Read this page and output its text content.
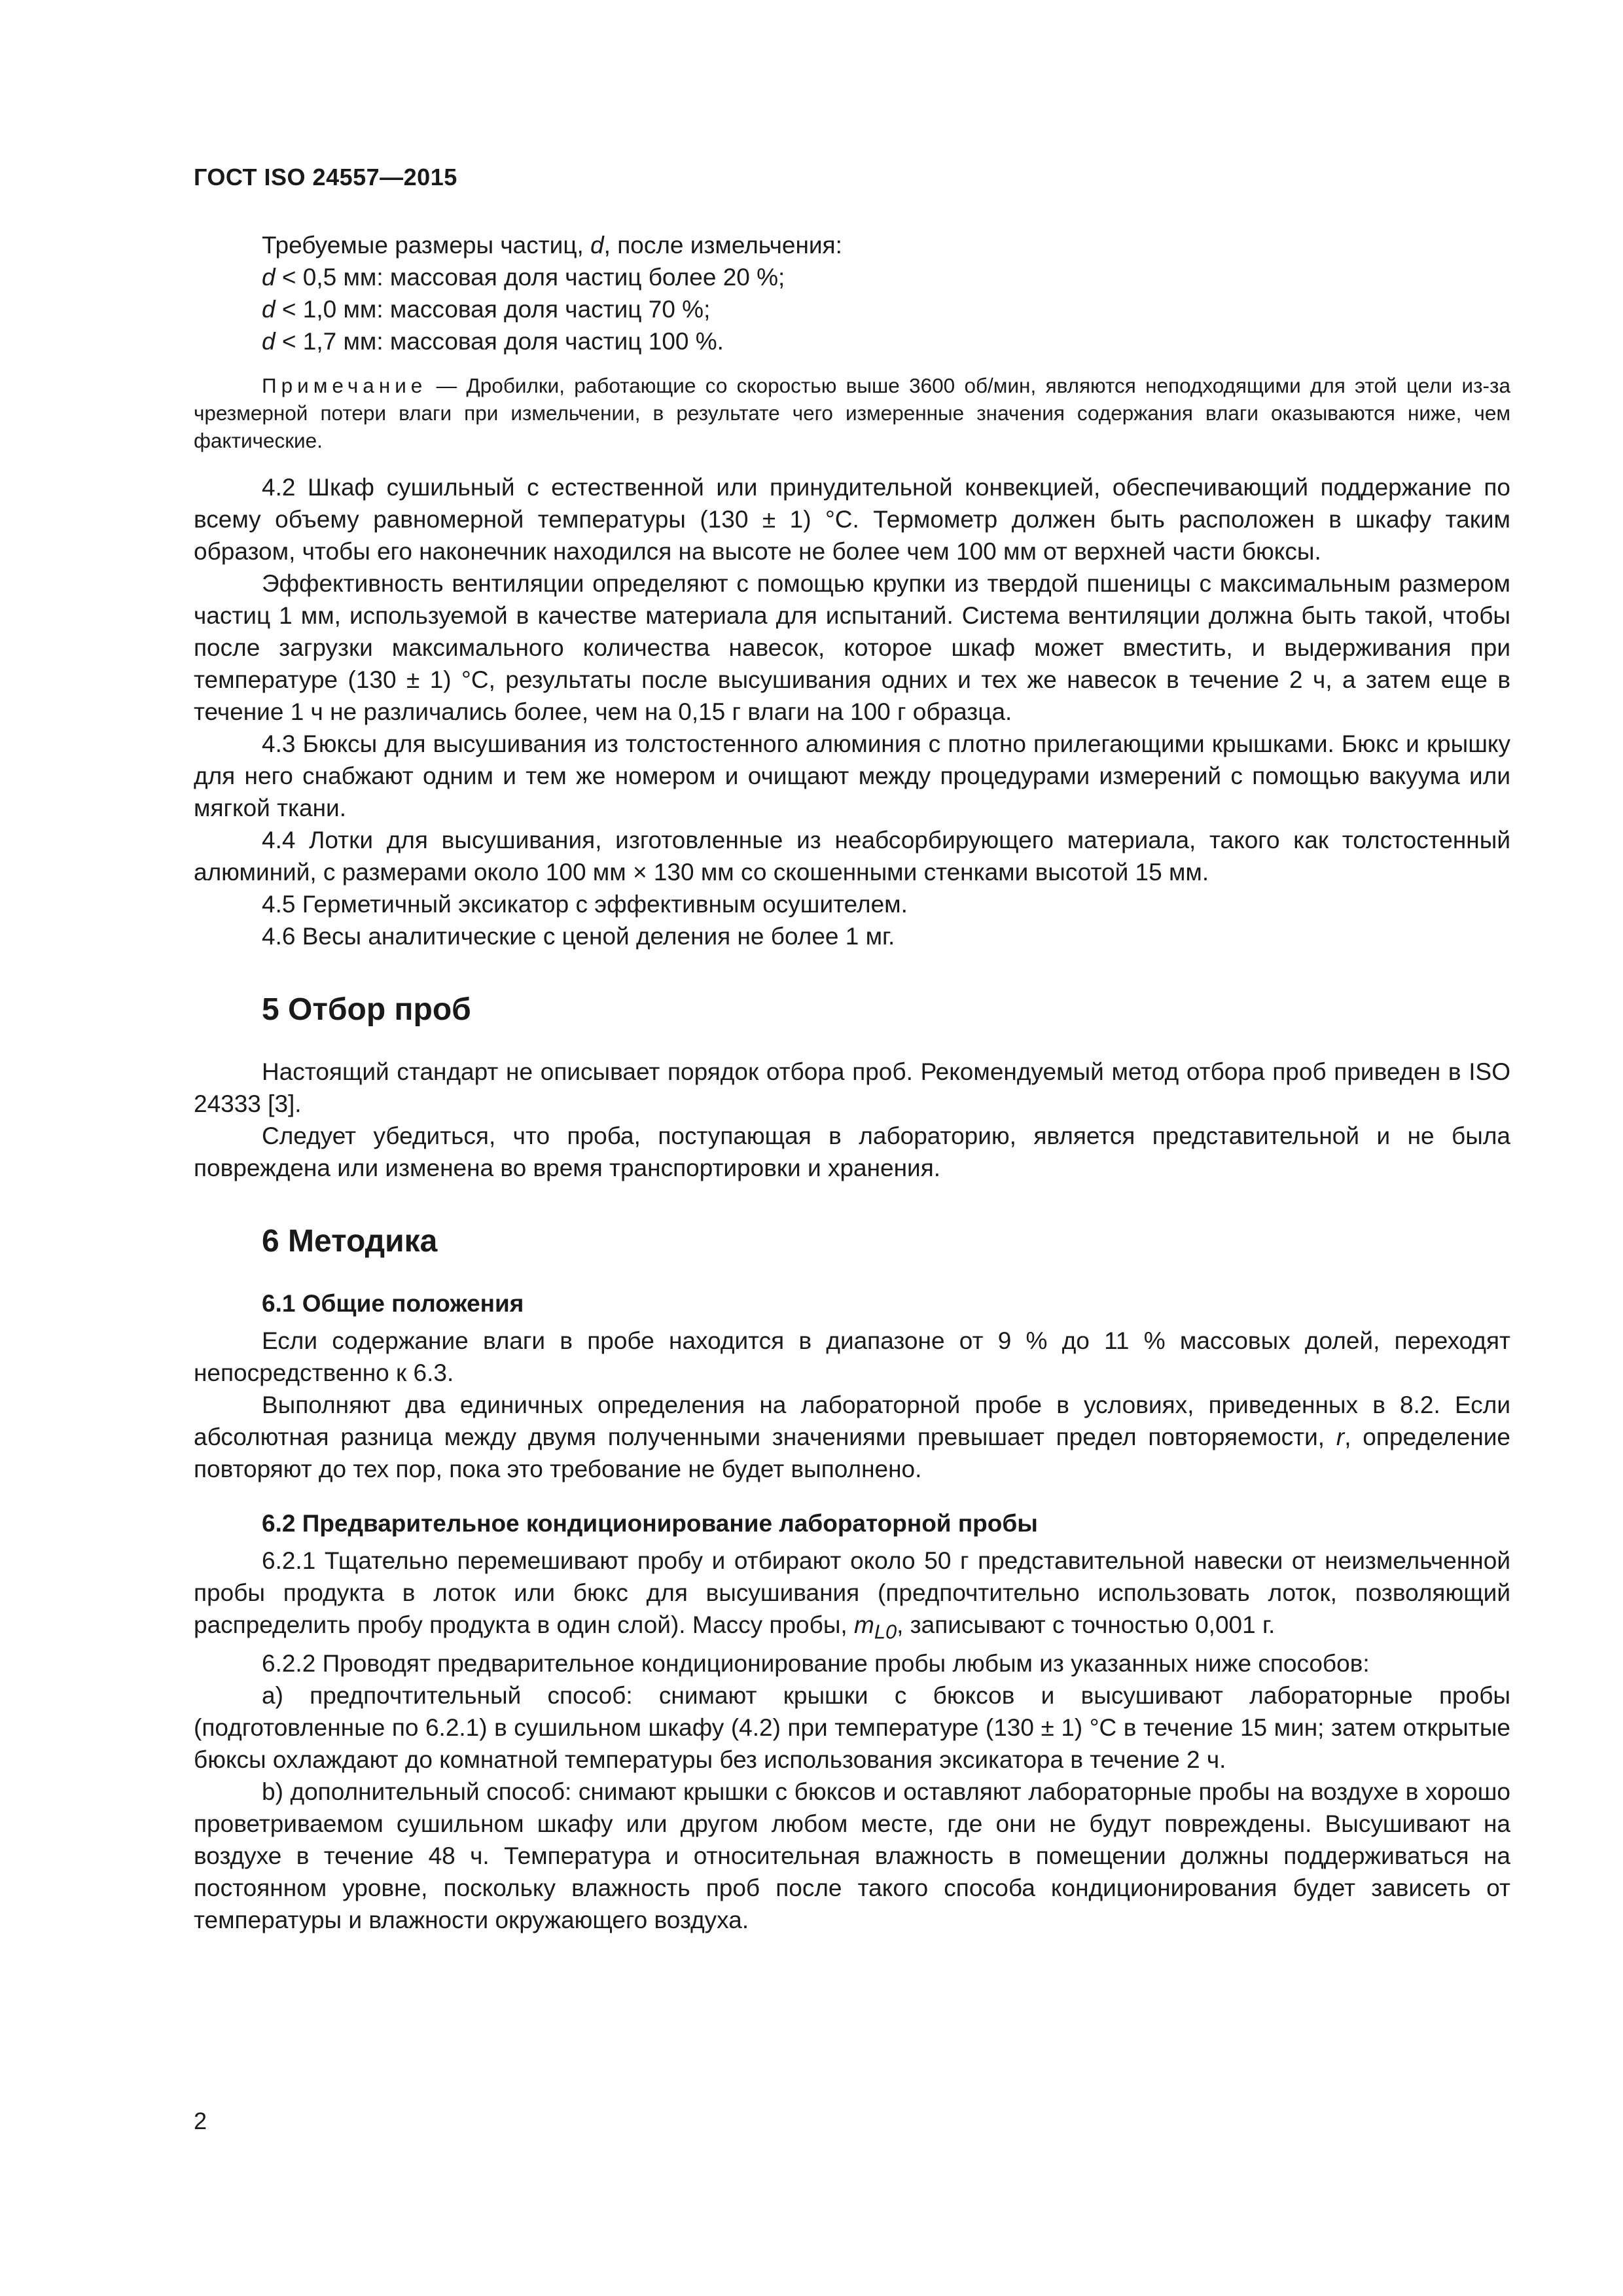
ГОСТ ISO 24557—2015

Требуемые размеры частиц, d, после измельчения:

d < 0,5 мм: массовая доля частиц более 20 %;

d < 1,0 мм: массовая доля частиц 70 %;

d < 1,7 мм: массовая доля частиц 100 %.

Примечание — Дробилки, работающие со скоростью выше 3600 об/мин, являются неподходящими для этой цели из-за чрезмерной потери влаги при измельчении, в результате чего измеренные значения содержания влаги оказываются ниже, чем фактические.

4.2 Шкаф сушильный с естественной или принудительной конвекцией, обеспечивающий поддержание по всему объему равномерной температуры (130 ± 1) °С. Термометр должен быть расположен в шкафу таким образом, чтобы его наконечник находился на высоте не более чем 100 мм от верхней части бюксы.

Эффективность вентиляции определяют с помощью крупки из твердой пшеницы с максимальным размером частиц 1 мм, используемой в качестве материала для испытаний. Система вентиляции должна быть такой, чтобы после загрузки максимального количества навесок, которое шкаф может вместить, и выдерживания при температуре (130 ± 1) °С, результаты после высушивания одних и тех же навесок в течение 2 ч, а затем еще в течение 1 ч не различались более, чем на 0,15 г влаги на 100 г образца.

4.3 Бюксы для высушивания из толстостенного алюминия с плотно прилегающими крышками. Бюкс и крышку для него снабжают одним и тем же номером и очищают между процедурами измерений с помощью вакуума или мягкой ткани.

4.4 Лотки для высушивания, изготовленные из неабсорбирующего материала, такого как толстостенный алюминий, с размерами около 100 мм × 130 мм со скошенными стенками высотой 15 мм.

4.5 Герметичный эксикатор с эффективным осушителем.

4.6 Весы аналитические с ценой деления не более 1 мг.

5 Отбор проб

Настоящий стандарт не описывает порядок отбора проб. Рекомендуемый метод отбора проб приведен в ISO 24333 [3].

Следует убедиться, что проба, поступающая в лабораторию, является представительной и не была повреждена или изменена во время транспортировки и хранения.

6 Методика
6.1 Общие положения

Если содержание влаги в пробе находится в диапазоне от 9 % до 11 % массовых долей, переходят непосредственно к 6.3.

Выполняют два единичных определения на лабораторной пробе в условиях, приведенных в 8.2. Если абсолютная разница между двумя полученными значениями превышает предел повторяемости, r, определение повторяют до тех пор, пока это требование не будет выполнено.

6.2 Предварительное кондиционирование лабораторной пробы

6.2.1 Тщательно перемешивают пробу и отбирают около 50 г представительной навески от неизмельченной пробы продукта в лоток или бюкс для высушивания (предпочтительно использовать лоток, позволяющий распределить пробу продукта в один слой). Массу пробы, $m_{L0}$, записывают с точностью 0,001 г.

6.2.2 Проводят предварительное кондиционирование пробы любым из указанных ниже способов:

a) предпочтительный способ: снимают крышки с бюксов и высушивают лабораторные пробы (подготовленные по 6.2.1) в сушильном шкафу (4.2) при температуре (130 ± 1) °С в течение 15 мин; затем открытые бюксы охлаждают до комнатной температуры без использования эксикатора в течение 2 ч.

b) дополнительный способ: снимают крышки с бюксов и оставляют лабораторные пробы на воздухе в хорошо проветриваемом сушильном шкафу или другом любом месте, где они не будут повреждены. Высушивают на воздухе в течение 48 ч. Температура и относительная влажность в помещении должны поддерживаться на постоянном уровне, поскольку влажность проб после такого способа кондиционирования будет зависеть от температуры и влажности окружающего воздуха.

2
